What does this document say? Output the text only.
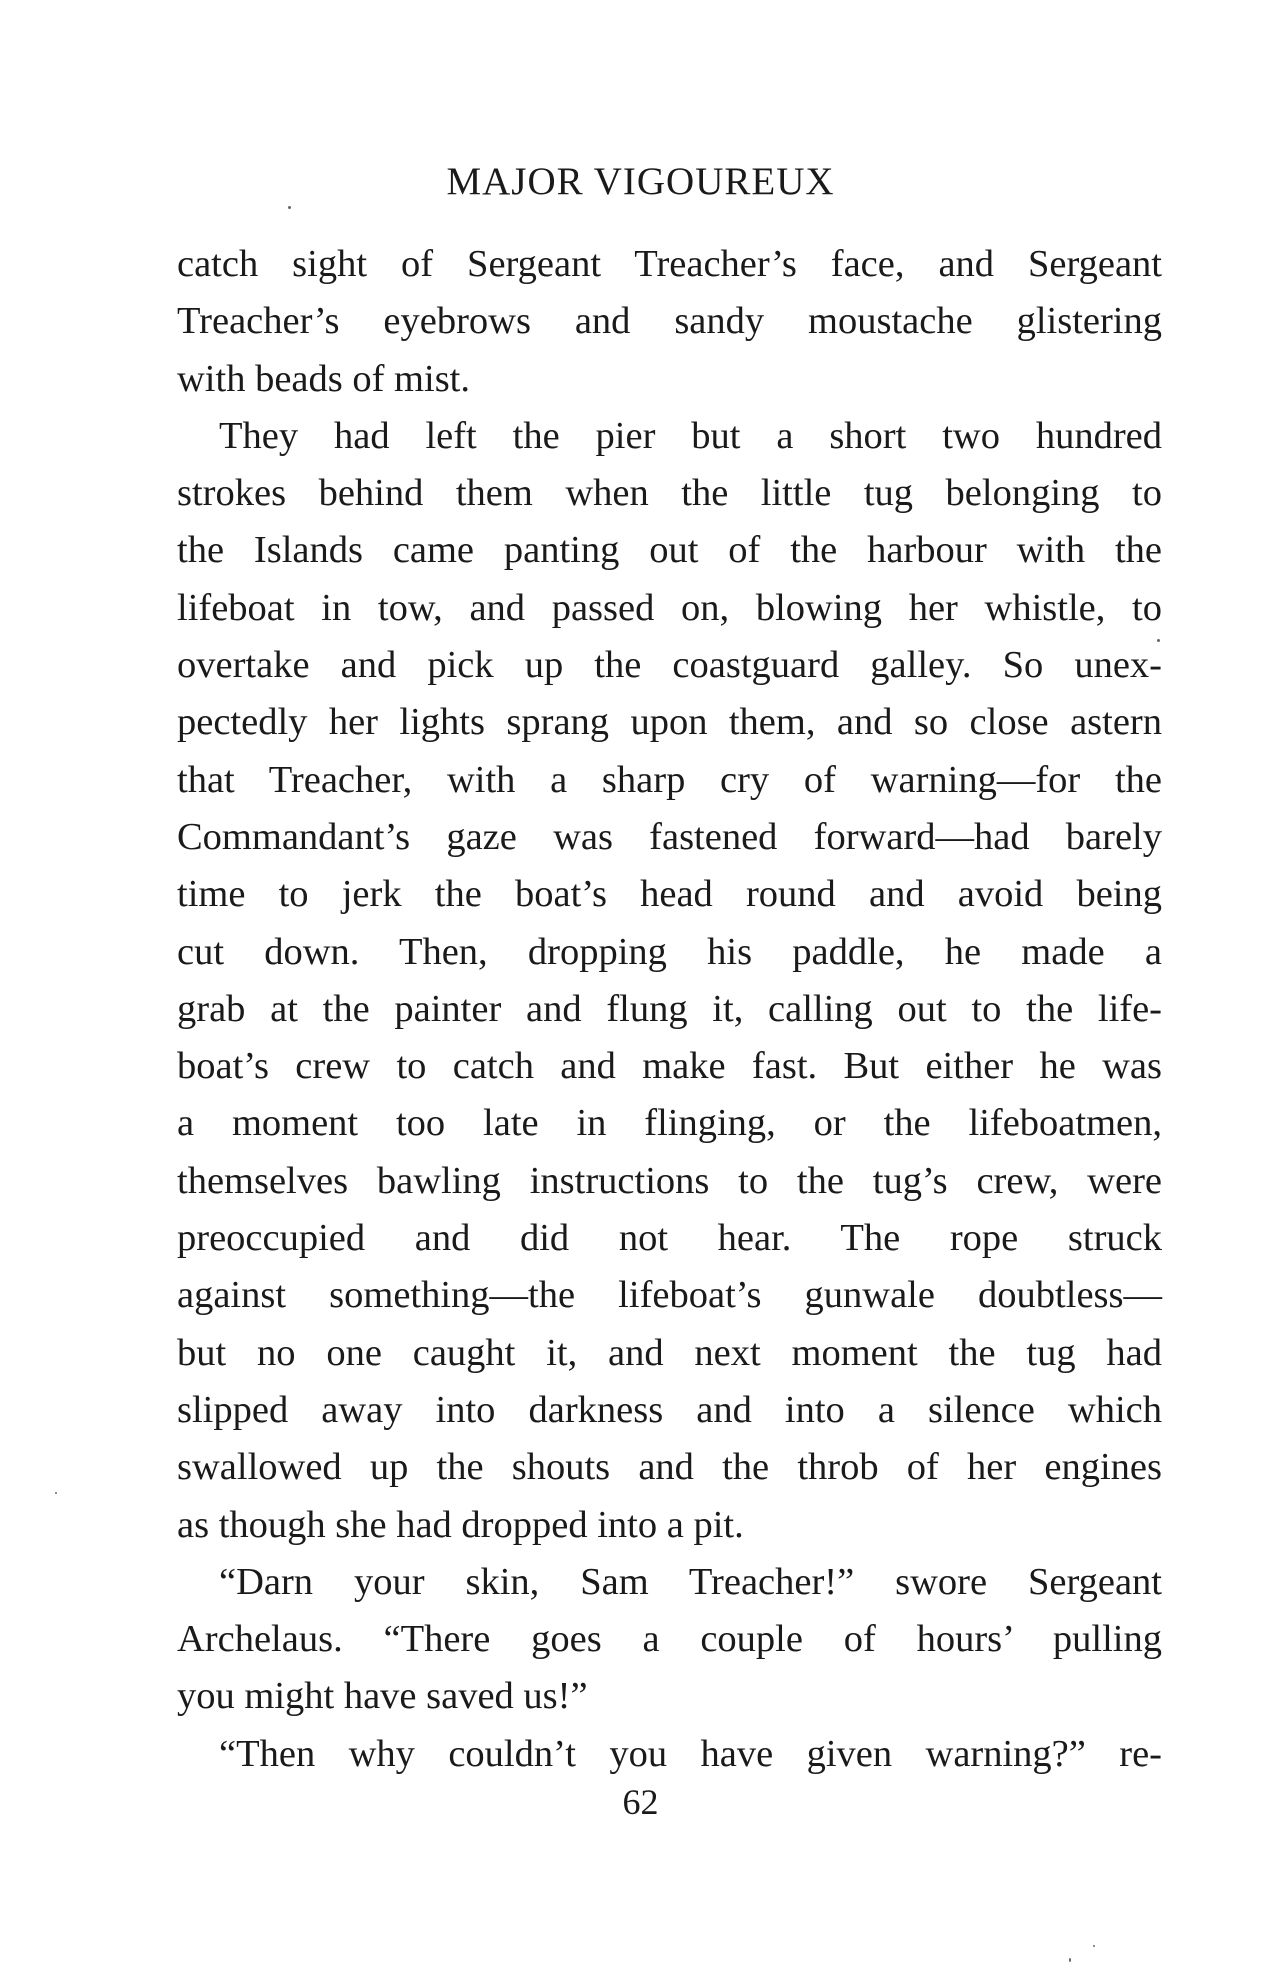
MAJOR VIGOUREUX
catch sight of Sergeant Treacher’s face, and Sergeant
Treacher’s eyebrows and sandy moustache glistering
with beads of mist.
They had left the pier but a short two hundred
strokes behind them when the little tug belonging to
the Islands came panting out of the harbour with the
lifeboat in tow, and passed on, blowing her whistle, to
overtake and pick up the coastguard galley. So unex-
pectedly her lights sprang upon them, and so close astern
that Treacher, with a sharp cry of warning—for the
Commandant’s gaze was fastened forward—had barely
time to jerk the boat’s head round and avoid being
cut down. Then, dropping his paddle, he made a
grab at the painter and flung it, calling out to the life-
boat’s crew to catch and make fast. But either he was
a moment too late in flinging, or the lifeboatmen,
themselves bawling instructions to the tug’s crew, were
preoccupied and did not hear. The rope struck
against something—the lifeboat’s gunwale doubtless—
but no one caught it, and next moment the tug had
slipped away into darkness and into a silence which
swallowed up the shouts and the throb of her engines
as though she had dropped into a pit.
“Darn your skin, Sam Treacher!” swore Sergeant
Archelaus. “There goes a couple of hours’ pulling
you might have saved us!”
“Then why couldn’t you have given warning?” re-
62
